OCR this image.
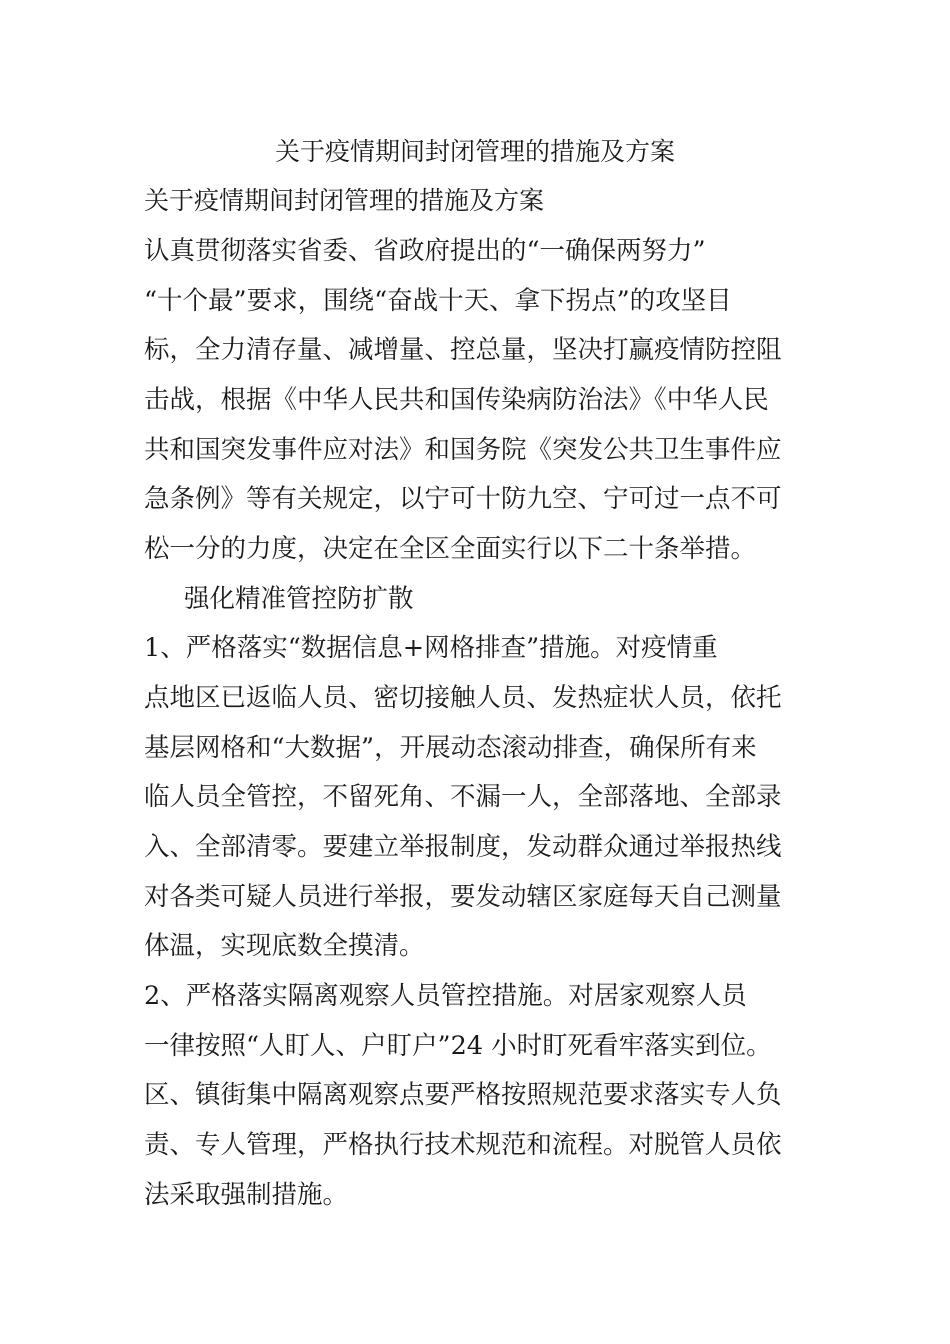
关于疫情期间封闭管理的措施及方案
关于疫情期间封闭管理的措施及方案

认真贯彻落实省委、省政府提出的“一确保两努力”

“十个最”要求，围绕“奋战十天、拿下拐点”的攻坚目

标，全力清存量、减增量、控总量，坚决打赢疫情防控阻

击战，根据《中华人民共和国传染病防治法》《中华人民

共和国突发事件应对法》和国务院《突发公共卫生事件应

急条例》等有关规定，以宁可十防九空、宁可过一点不可

松一分的力度，决定在全区全面实行以下二十条举措。

强化精准管控防扩散

1、严格落实“数据信息+网格排查”措施。对疫情重

点地区已返临人员、密切接触人员、发热症状人员，依托

基层网格和“大数据”，开展动态滚动排查，确保所有来

临人员全管控，不留死角、不漏一人，全部落地、全部录

入、全部清零。要建立举报制度，发动群众通过举报热线

对各类可疑人员进行举报，要发动辖区家庭每天自己测量

体温，实现底数全摸清。

2、严格落实隔离观察人员管控措施。对居家观察人员

一律按照“人盯人、户盯户”24 小时盯死看牢落实到位。

区、镇街集中隔离观察点要严格按照规范要求落实专人负

责、专人管理，严格执行技术规范和流程。对脱管人员依

法采取强制措施。
